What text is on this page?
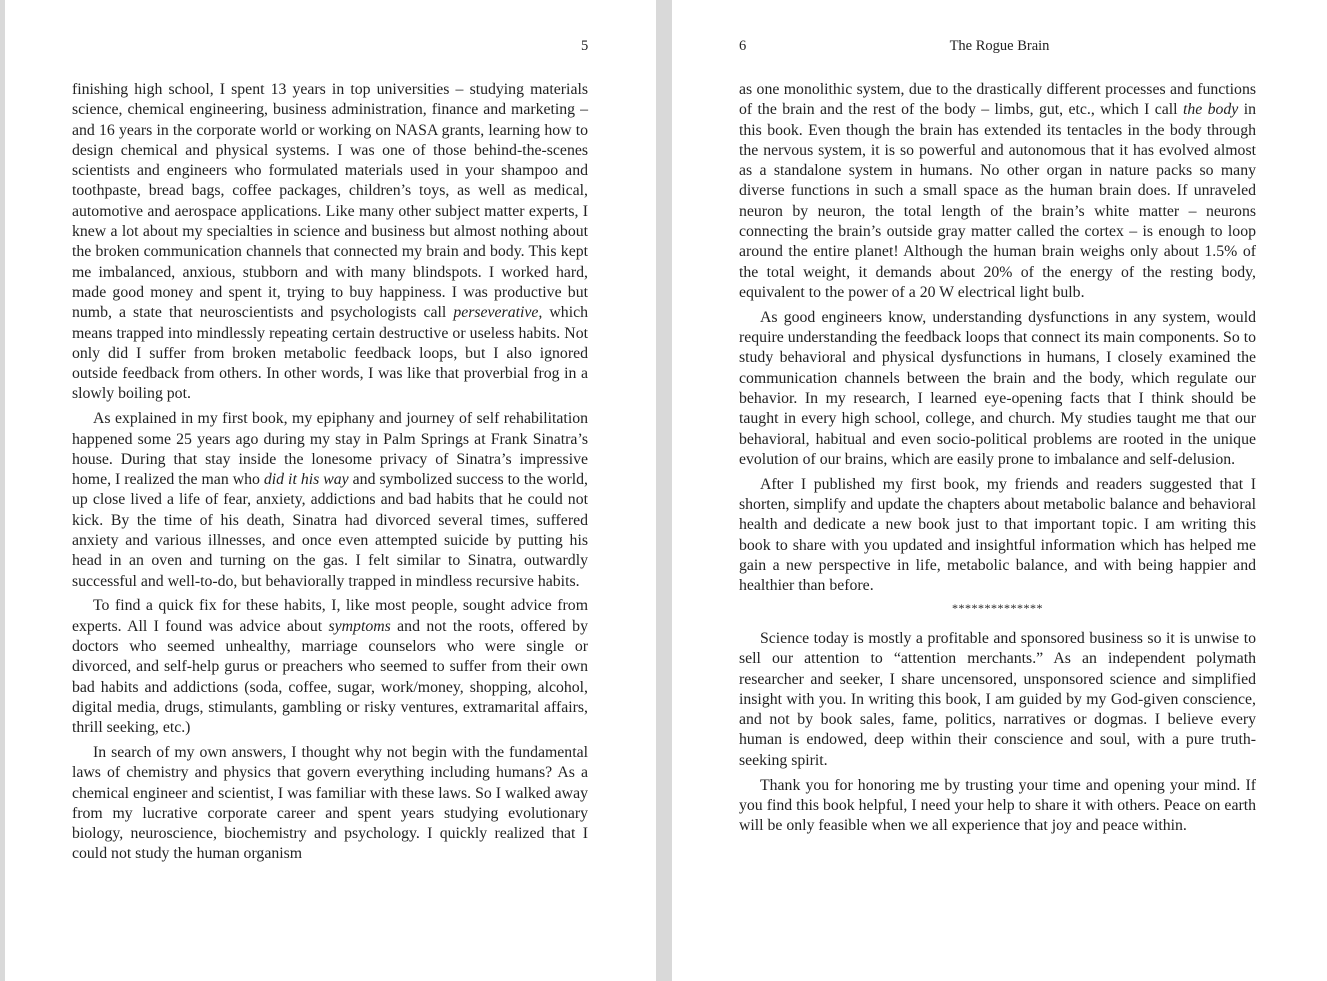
5

finishing high school, I spent 13 years in top universities – studying materials science, chemical engineering, business administration, finance and marketing – and 16 years in the corporate world or working on NASA grants, learning how to design chemical and physical systems. I was one of those behind-the-scenes scientists and engineers who formulated materials used in your shampoo and toothpaste, bread bags, coffee packages, children’s toys, as well as medical, automotive and aerospace applications. Like many other subject matter experts, I knew a lot about my specialties in science and business but almost nothing about the broken communication channels that connected my brain and body. This kept me imbalanced, anxious, stubborn and with many blindspots. I worked hard, made good money and spent it, trying to buy happiness. I was productive but numb, a state that neuroscientists and psychologists call perseverative, which means trapped into mindlessly repeating certain destructive or useless habits. Not only did I suffer from broken metabolic feedback loops, but I also ignored outside feedback from others. In other words, I was like that proverbial frog in a slowly boiling pot.

As explained in my first book, my epiphany and journey of self rehabilitation happened some 25 years ago during my stay in Palm Springs at Frank Sinatra’s house. During that stay inside the lonesome privacy of Sinatra’s impressive home, I realized the man who did it his way and symbolized success to the world, up close lived a life of fear, anxiety, addictions and bad habits that he could not kick. By the time of his death, Sinatra had divorced several times, suffered anxiety and various illnesses, and once even attempted suicide by putting his head in an oven and turning on the gas. I felt similar to Sinatra, outwardly successful and well-to-do, but behaviorally trapped in mindless recursive habits.

To find a quick fix for these habits, I, like most people, sought advice from experts. All I found was advice about symptoms and not the roots, offered by doctors who seemed unhealthy, marriage counselors who were single or divorced, and self-help gurus or preachers who seemed to suffer from their own bad habits and addictions (soda, coffee, sugar, work/money, shopping, alcohol, digital media, drugs, stimulants, gambling or risky ventures, extramarital affairs, thrill seeking, etc.)

In search of my own answers, I thought why not begin with the fundamental laws of chemistry and physics that govern everything including humans? As a chemical engineer and scientist, I was familiar with these laws. So I walked away from my lucrative corporate career and spent years studying evolutionary biology, neuroscience, biochemistry and psychology. I quickly realized that I could not study the human organism

6	The Rogue Brain

as one monolithic system, due to the drastically different processes and functions of the brain and the rest of the body – limbs, gut, etc., which I call the body in this book. Even though the brain has extended its tentacles in the body through the nervous system, it is so powerful and autonomous that it has evolved almost as a standalone system in humans. No other organ in nature packs so many diverse functions in such a small space as the human brain does. If unraveled neuron by neuron, the total length of the brain’s white matter – neurons connecting the brain’s outside gray matter called the cortex – is enough to loop around the entire planet! Although the human brain weighs only about 1.5% of the total weight, it demands about 20% of the energy of the resting body, equivalent to the power of a 20 W electrical light bulb.

As good engineers know, understanding dysfunctions in any system, would require understanding the feedback loops that connect its main components. So to study behavioral and physical dysfunctions in humans, I closely examined the communication channels between the brain and the body, which regulate our behavior. In my research, I learned eye-opening facts that I think should be taught in every high school, college, and church. My studies taught me that our behavioral, habitual and even socio-political problems are rooted in the unique evolution of our brains, which are easily prone to imbalance and self-delusion.

After I published my first book, my friends and readers suggested that I shorten, simplify and update the chapters about metabolic balance and behavioral health and dedicate a new book just to that important topic. I am writing this book to share with you updated and insightful information which has helped me gain a new perspective in life, metabolic balance, and with being happier and healthier than before.

**************

Science today is mostly a profitable and sponsored business so it is unwise to sell our attention to “attention merchants.” As an independent polymath researcher and seeker, I share uncensored, unsponsored science and simplified insight with you. In writing this book, I am guided by my God-given conscience, and not by book sales, fame, politics, narratives or dogmas. I believe every human is endowed, deep within their conscience and soul, with a pure truth-seeking spirit.

Thank you for honoring me by trusting your time and opening your mind. If you find this book helpful, I need your help to share it with others. Peace on earth will be only feasible when we all experience that joy and peace within.
